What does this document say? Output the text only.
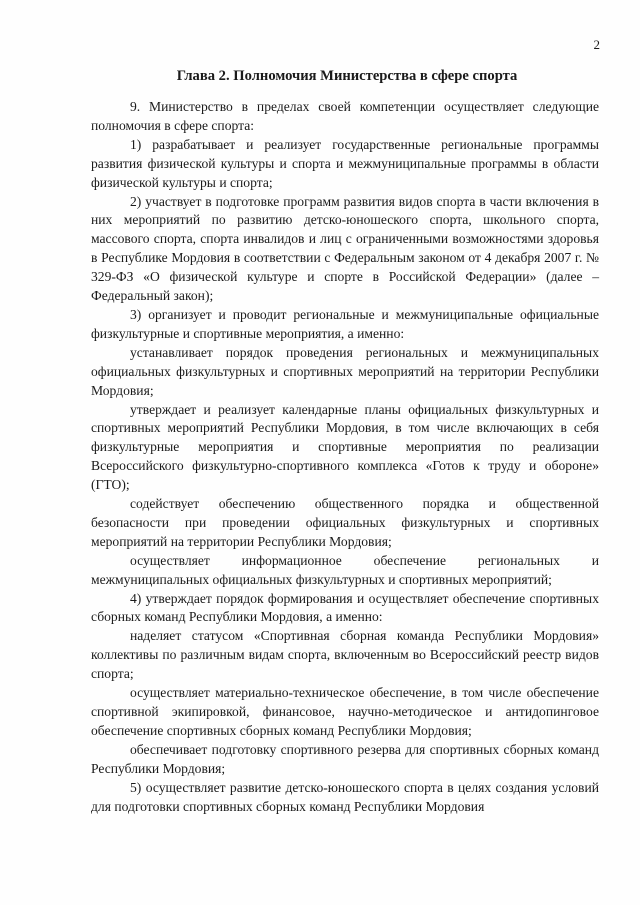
2
Глава 2. Полномочия Министерства в сфере спорта

9. Министерство в пределах своей компетенции осуществляет следующие полномочия в сфере спорта:

1) разрабатывает и реализует государственные региональные программы развития физической культуры и спорта и межмуниципальные программы в области физической культуры и спорта;

2) участвует в подготовке программ развития видов спорта в части включения в них мероприятий по развитию детско-юношеского спорта, школьного спорта, массового спорта, спорта инвалидов и лиц с ограниченными возможностями здоровья в Республике Мордовия в соответствии с Федеральным законом от 4 декабря 2007 г. № 329-ФЗ «О физической культуре и спорте в Российской Федерации» (далее – Федеральный закон);

3) организует и проводит региональные и межмуниципальные официальные физкультурные и спортивные мероприятия, а именно:

устанавливает порядок проведения региональных и межмуниципальных официальных физкультурных и спортивных мероприятий на территории Республики Мордовия;

утверждает и реализует календарные планы официальных физкультурных и спортивных мероприятий Республики Мордовия, в том числе включающих в себя физкультурные мероприятия и спортивные мероприятия по реализации Всероссийского физкультурно-спортивного комплекса «Готов к труду и обороне» (ГТО);

содействует обеспечению общественного порядка и общественной безопасности при проведении официальных физкультурных и спортивных мероприятий на территории Республики Мордовия;

осуществляет информационное обеспечение региональных и межмуниципальных официальных физкультурных и спортивных мероприятий;

4) утверждает порядок формирования и осуществляет обеспечение спортивных сборных команд Республики Мордовия, а именно:

наделяет статусом «Спортивная сборная команда Республики Мордовия» коллективы по различным видам спорта, включенным во Всероссийский реестр видов спорта;

осуществляет материально-техническое обеспечение, в том числе обеспечение спортивной экипировкой, финансовое, научно-методическое и антидопинговое обеспечение спортивных сборных команд Республики Мордовия;

обеспечивает подготовку спортивного резерва для спортивных сборных команд Республики Мордовия;

5) осуществляет развитие детско-юношеского спорта в целях создания условий для подготовки спортивных сборных команд Республики Мордовия
